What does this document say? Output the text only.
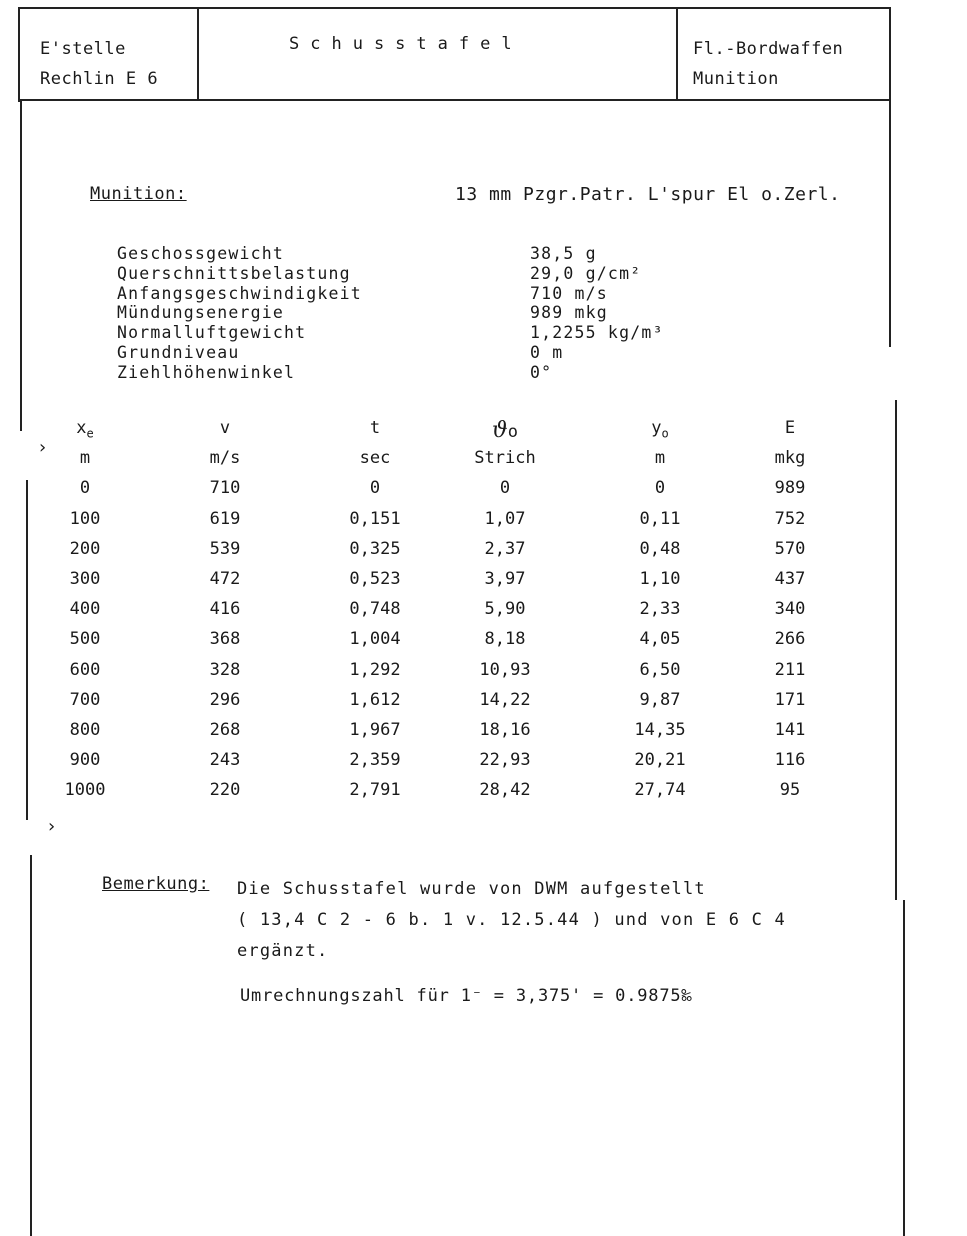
E'stelle
Rechlin E 6
Schusstafel	Fl.-Bordwaffen
Munition
Munition:	13 mm Pzgr.Patr. L'spur El o.Zerl.
Geschossgewicht	38,5 g
Querschnittsbelastung	29,0 g/cm²
Anfangsgeschwindigkeit	710 m/s
Mündungsenergie	989 mkg
Normalluftgewicht	1,2255 kg/m³
Grundniveau	0 m
Ziehlhöhenwinkel	0°
$x_e$	v	t	ϑo	$y_o$	E
m	m/s	sec	Strich	m	mkg
0	710	0	0	0	989
100	619	0,151	1,07	0,11	752
200	539	0,325	2,37	0,48	570
300	472	0,523	3,97	1,10	437
400	416	0,748	5,90	2,33	340
500	368	1,004	8,18	4,05	266
600	328	1,292	10,93	6,50	211
700	296	1,612	14,22	9,87	171
800	268	1,967	18,16	14,35	141
900	243	2,359	22,93	20,21	116
1000	220	2,791	28,42	27,74	95
Bemerkung: Die Schusstafel wurde von DWM aufgestellt
( 13,4 C 2 - 6 b. 1 v. 12.5.44 ) und von E 6 C 4
ergänzt.
Umrechnungszahl für 1⁻ = 3,375' = 0.9875‰
›
›
